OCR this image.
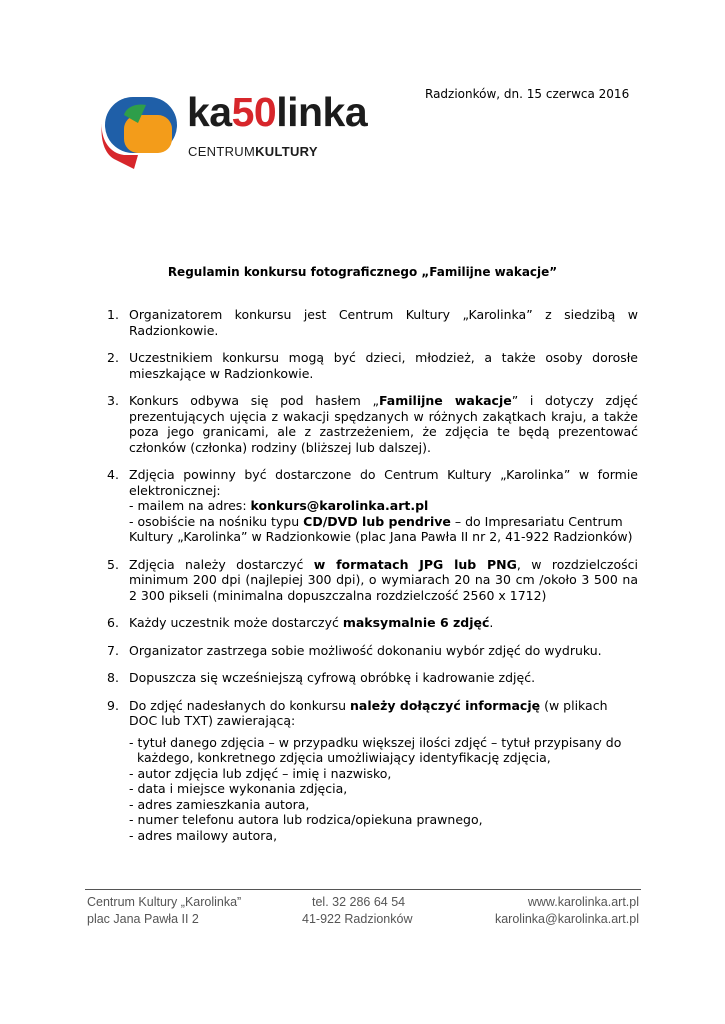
ka50linka
CENTRUMKULTURY
Radzionków, dn. 15 czerwca 2016
Regulamin konkursu fotograficznego „Familijne wakacje”
1. Organizatorem konkursu jest Centrum Kultury „Karolinka” z siedzibą w Radzionkowie.
2. Uczestnikiem konkursu mogą być dzieci, młodzież, a także osoby dorosłe mieszkające w Radzionkowie.
3. Konkurs odbywa się pod hasłem „Familijne wakacje” i dotyczy zdjęć prezentujących ujęcia z wakacji spędzanych w różnych zakątkach kraju, a także poza jego granicami, ale z zastrzeżeniem, że zdjęcia te będą prezentować członków (członka) rodziny (bliższej lub dalszej).
4. Zdjęcia powinny być dostarczone do Centrum Kultury „Karolinka” w formie elektronicznej:
- mailem na adres: konkurs@karolinka.art.pl
- osobiście na nośniku typu CD/DVD lub pendrive – do Impresariatu Centrum Kultury „Karolinka” w Radzionkowie (plac Jana Pawła II nr 2, 41-922 Radzionków)
5. Zdjęcia należy dostarczyć w formatach JPG lub PNG, w rozdzielczości minimum 200 dpi (najlepiej 300 dpi), o wymiarach 20 na 30 cm /około 3 500 na 2 300 pikseli (minimalna dopuszczalna rozdzielczość 2560 x 1712)
6. Każdy uczestnik może dostarczyć maksymalnie 6 zdjęć.
7. Organizator zastrzega sobie możliwość dokonaniu wybór zdjęć do wydruku.
8. Dopuszcza się wcześniejszą cyfrową obróbkę i kadrowanie zdjęć.
9. Do zdjęć nadesłanych do konkursu należy dołączyć informację (w plikach DOC lub TXT) zawierającą:
- tytuł danego zdjęcia – w przypadku większej ilości zdjęć – tytuł przypisany do
każdego, konkretnego zdjęcia umożliwiający identyfikację zdjęcia,
- autor zdjęcia lub zdjęć – imię i nazwisko,
- data i miejsce wykonania zdjęcia,
- adres zamieszkania autora,
- numer telefonu autora lub rodzica/opiekuna prawnego,
- adres mailowy autora,
Centrum Kultury „Karolinka”
plac Jana Pawła II 2
tel. 32 286 64 54
41-922 Radzionków
www.karolinka.art.pl
karolinka@karolinka.art.pl
